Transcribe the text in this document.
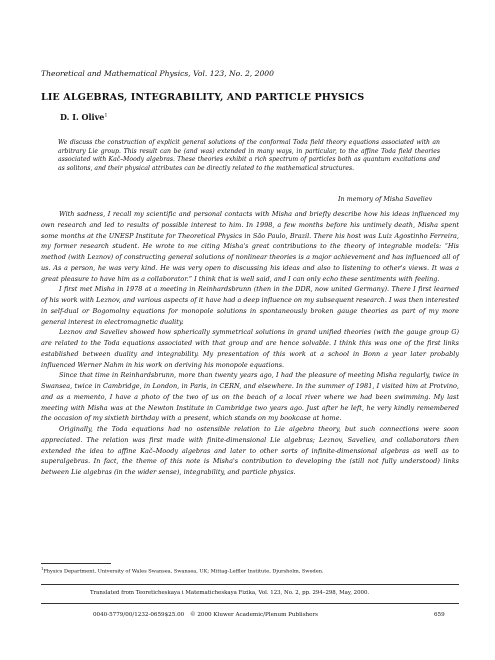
Theoretical and Mathematical Physics, Vol. 123, No. 2, 2000
LIE ALGEBRAS, INTEGRABILITY, AND PARTICLE PHYSICS
D. I. Olive$^1$

We discuss the construction of explicit general solutions of the conformal Toda field theory equations associated with an arbitrary Lie group. This result can be (and was) extended in many ways, in particular, to the affine Toda field theories associated with Kač–Moody algebras. These theories exhibit a rich spectrum of particles both as quantum excitations and as solitons, and their physical attributes can be directly related to the mathematical structures.

In memory of Misha Saveliev

With sadness, I recall my scientific and personal contacts with Misha and briefly describe how his ideas influenced my own research and led to results of possible interest to him. In 1998, a few months before his untimely death, Misha spent some months at the UNESP Institute for Theoretical Physics in São Paulo, Brazil. There his host was Luiz Agostinho Ferreira, my former research student. He wrote to me citing Misha's great contributions to the theory of integrable models: “His method (with Leznov) of constructing general solutions of nonlinear theories is a major achievement and has influenced all of us. As a person, he was very kind. He was very open to discussing his ideas and also to listening to other's views. It was a great pleasure to have him as a collaborator.” I think that is well said, and I can only echo these sentiments with feeling.

I first met Misha in 1978 at a meeting in Reinhardsbrunn (then in the DDR, now united Germany). There I first learned of his work with Leznov, and various aspects of it have had a deep influence on my subsequent research. I was then interested in self-dual or Bogomolny equations for monopole solutions in spontaneously broken gauge theories as part of my more general interest in electromagnetic duality.

Leznov and Saveliev showed how spherically symmetrical solutions in grand unified theories (with the gauge group G) are related to the Toda equations associated with that group and are hence solvable. I think this was one of the first links established between duality and integrability. My presentation of this work at a school in Bonn a year later probably influenced Werner Nahm in his work on deriving his monopole equations.

Since that time in Reinhardsbrunn, more than twenty years ago, I had the pleasure of meeting Misha regularly, twice in Swansea, twice in Cambridge, in London, in Paris, in CERN, and elsewhere. In the summer of 1981, I visited him at Protvino, and as a memento, I have a photo of the two of us on the beach of a local river where we had been swimming. My last meeting with Misha was at the Newton Institute in Cambridge two years ago. Just after he left, he very kindly remembered the occasion of my sixtieth birthday with a present, which stands on my bookcase at home.

Originally, the Toda equations had no ostensible relation to Lie algebra theory, but such connections were soon appreciated. The relation was first made with finite-dimensional Lie algebras; Leznov, Saveliev, and collaborators then extended the idea to affine Kač–Moody algebras and later to other sorts of infinite-dimensional algebras as well as to superalgebras. In fact, the theme of this note is Misha's contribution to developing the (still not fully understood) links between Lie algebras (in the wider sense), integrability, and particle physics.

$^1$Physics Department, University of Wales Swansea, Swansea, UK; Mittag-Leffler Institute, Djursholm, Sweden.
Translated from Teoreticheskaya i Matematicheskaya Fizika, Vol. 123, No. 2, pp. 294–298, May, 2000.
0040-5779/00/1232-0659$25.00 © 2000 Kluwer Academic/Plenum Publishers	659
